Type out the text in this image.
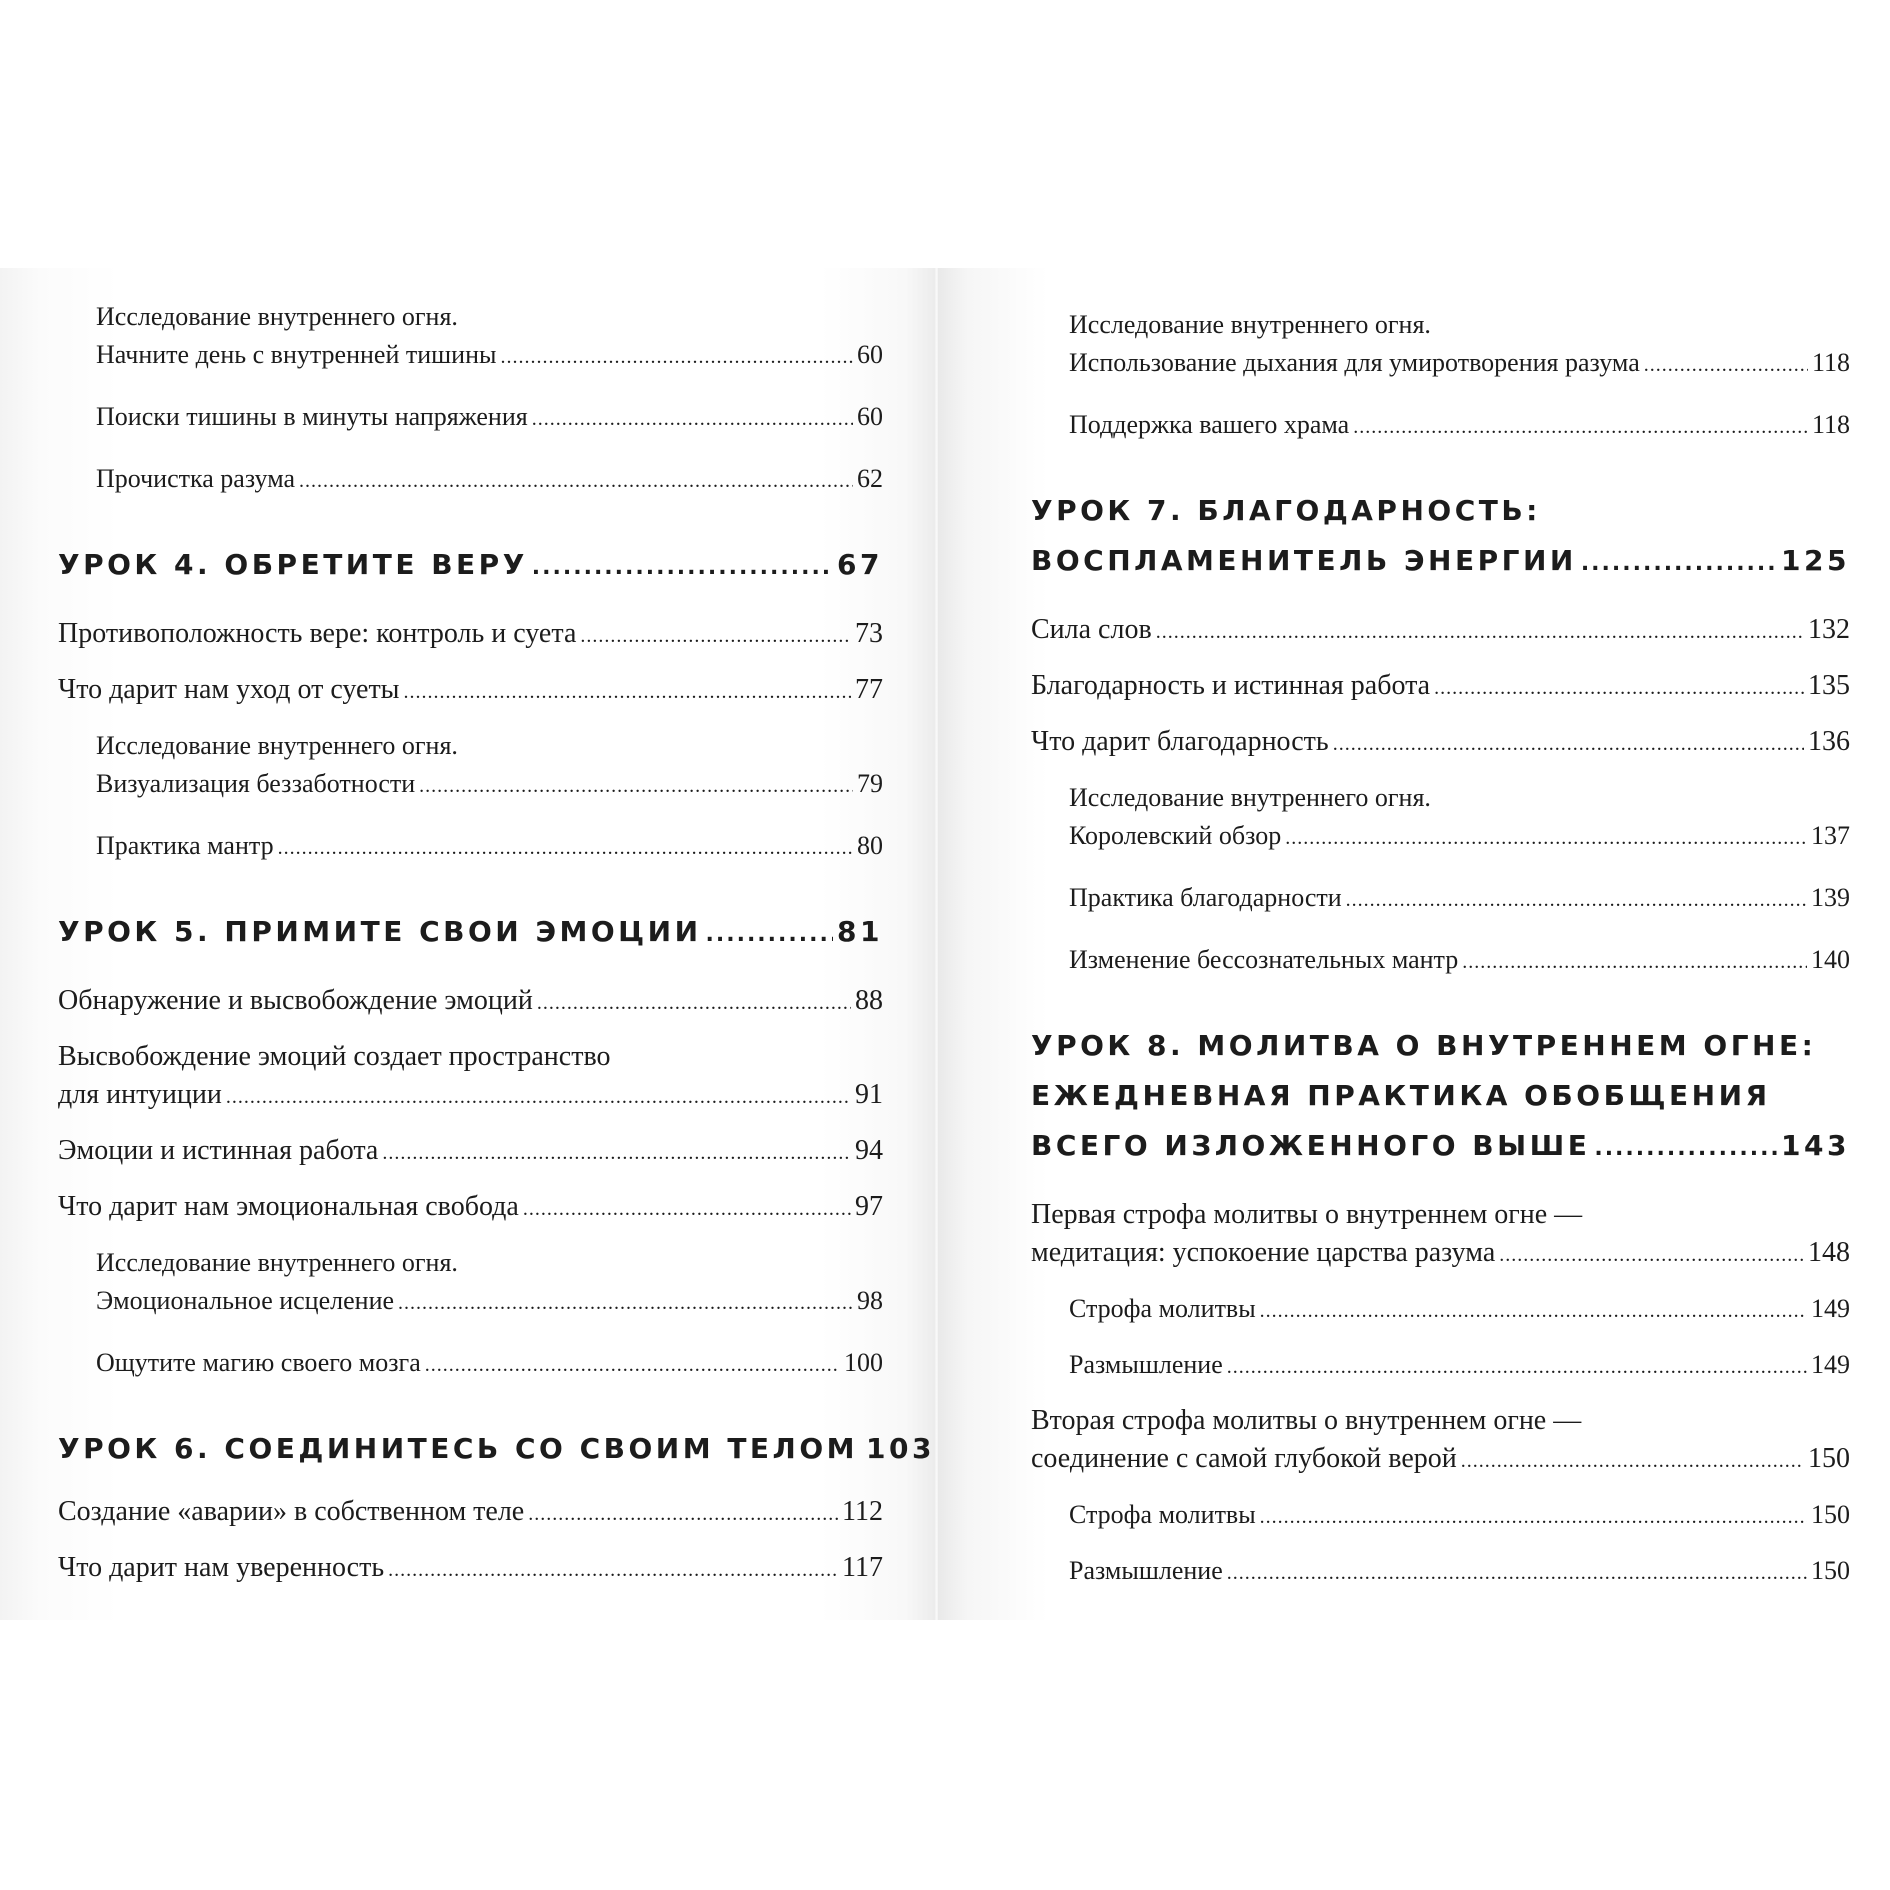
Исследование внутреннего огня.
Начните день с внутренней тишины .....	60
Поиски тишины в минуты напряжения .....	60
Прочистка разума .....	62
УРОК 4. ОБРЕТИТЕ ВЕРУ .....	67
Противоположность вере: контроль и суета .....	73
Что дарит нам уход от суеты .....	77
Исследование внутреннего огня.
Визуализация беззаботности .....	79
Практика мантр .....	80
УРОК 5. ПРИМИТЕ СВОИ ЭМОЦИИ .....	81
Обнаружение и высвобождение эмоций .....	88
Высвобождение эмоций создает пространство
для интуиции .....	91
Эмоции и истинная работа .....	94
Что дарит нам эмоциональная свобода .....	97
Исследование внутреннего огня.
Эмоциональное исцеление .....	98
Ощутите магию своего мозга .....	100
УРОК 6. СОЕДИНИТЕСЬ СО СВОИМ ТЕЛОМ 103
Создание «аварии» в собственном теле .....	112
Что дарит нам уверенность .....	117
Исследование внутреннего огня.
Использование дыхания для умиротворения разума .....	118
Поддержка вашего храма .....	118
УРОК 7. БЛАГОДАРНОСТЬ:
ВОСПЛАМЕНИТЕЛЬ ЭНЕРГИИ .....	125
Сила слов .....	132
Благодарность и истинная работа .....	135
Что дарит благодарность .....	136
Исследование внутреннего огня.
Королевский обзор .....	137
Практика благодарности .....	139
Изменение бессознательных мантр .....	140
УРОК 8. МОЛИТВА О ВНУТРЕННЕМ ОГНЕ:
ЕЖЕДНЕВНАЯ ПРАКТИКА ОБОБЩЕНИЯ
ВСЕГО ИЗЛОЖЕННОГО ВЫШЕ .....	143
Первая строфа молитвы о внутреннем огне —
медитация: успокоение царства разума .....	148
Строфа молитвы .....	149
Размышление .....	149
Вторая строфа молитвы о внутреннем огне —
соединение с самой глубокой верой .....	150
Строфа молитвы .....	150
Размышление .....	150
